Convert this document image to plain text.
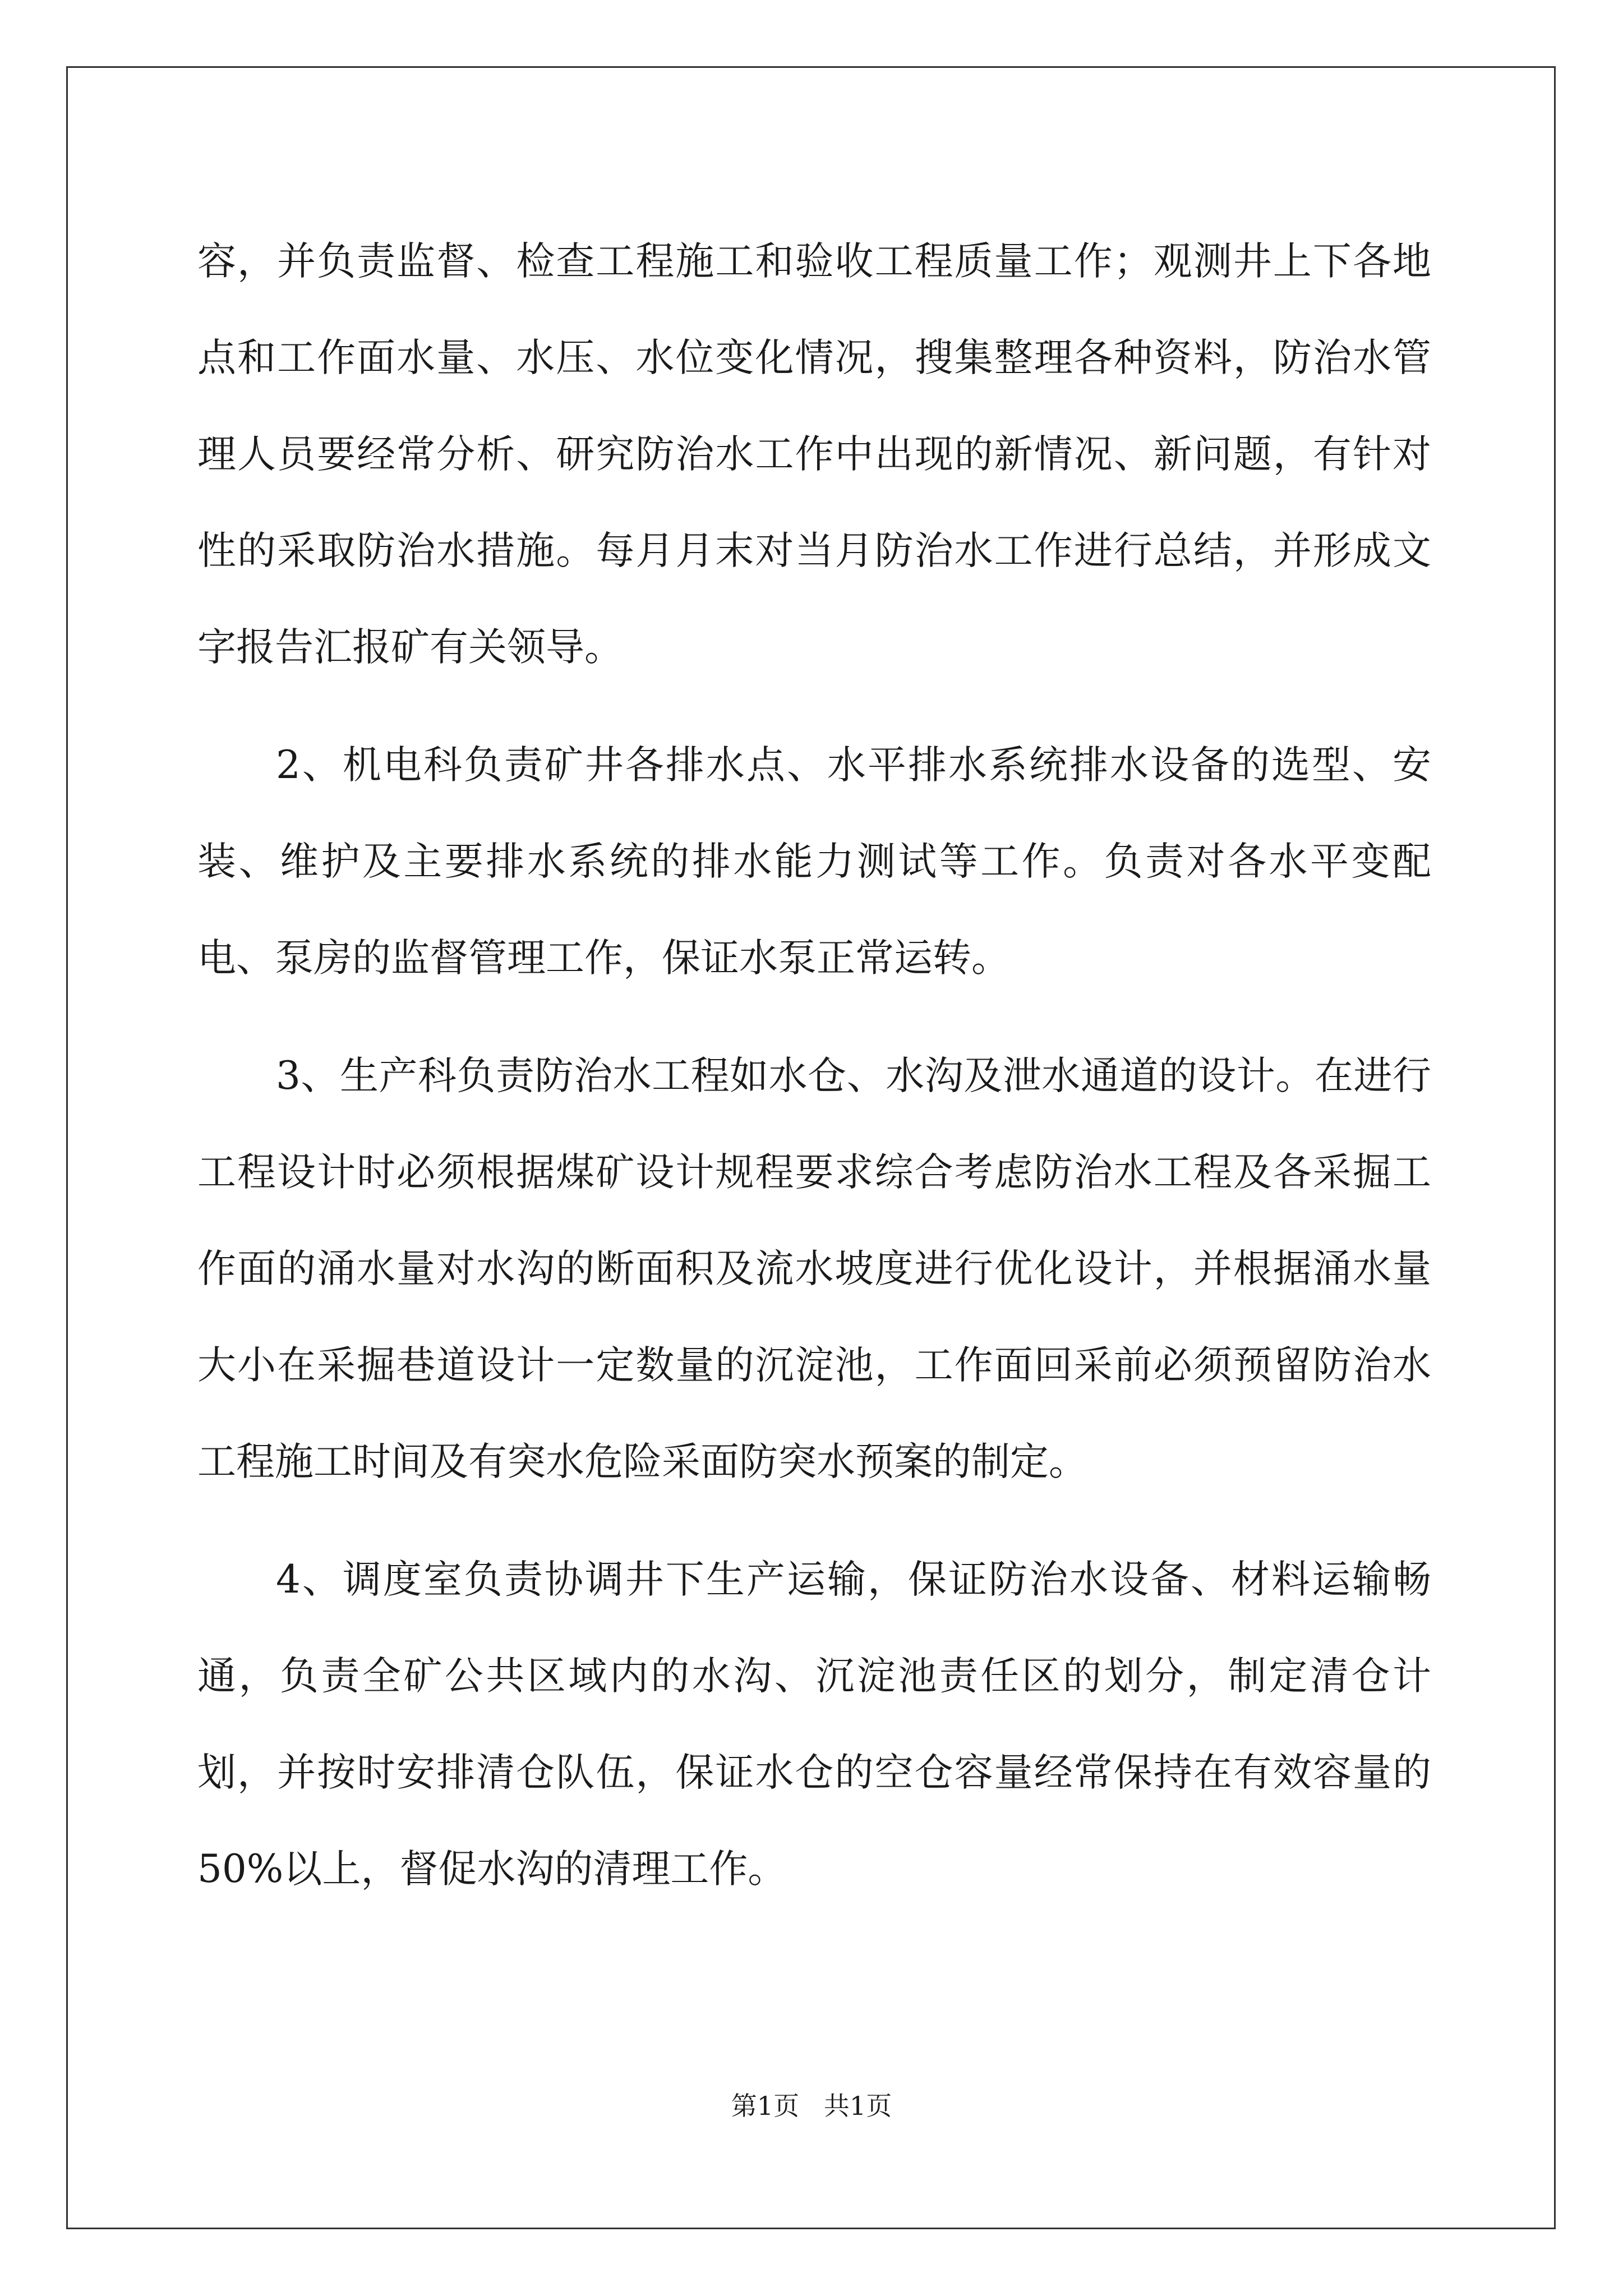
容，并负责监督、检查工程施工和验收工程质量工作；观测井上下各地点和工作面水量、水压、水位变化情况，搜集整理各种资料，防治水管理人员要经常分析、研究防治水工作中出现的新情况、新问题，有针对性的采取防治水措施。每月月末对当月防治水工作进行总结，并形成文字报告汇报矿有关领导。

2、机电科负责矿井各排水点、水平排水系统排水设备的选型、安装、维护及主要排水系统的排水能力测试等工作。负责对各水平变配电、泵房的监督管理工作，保证水泵正常运转。

3、生产科负责防治水工程如水仓、水沟及泄水通道的设计。在进行工程设计时必须根据煤矿设计规程要求综合考虑防治水工程及各采掘工作面的涌水量对水沟的断面积及流水坡度进行优化设计，并根据涌水量大小在采掘巷道设计一定数量的沉淀池，工作面回采前必须预留防治水工程施工时间及有突水危险采面防突水预案的制定。

4、调度室负责协调井下生产运输，保证防治水设备、材料运输畅通，负责全矿公共区域内的水沟、沉淀池责任区的划分，制定清仓计划，并按时安排清仓队伍，保证水仓的空仓容量经常保持在有效容量的50%以上，督促水沟的清理工作。

第1页   共1页
